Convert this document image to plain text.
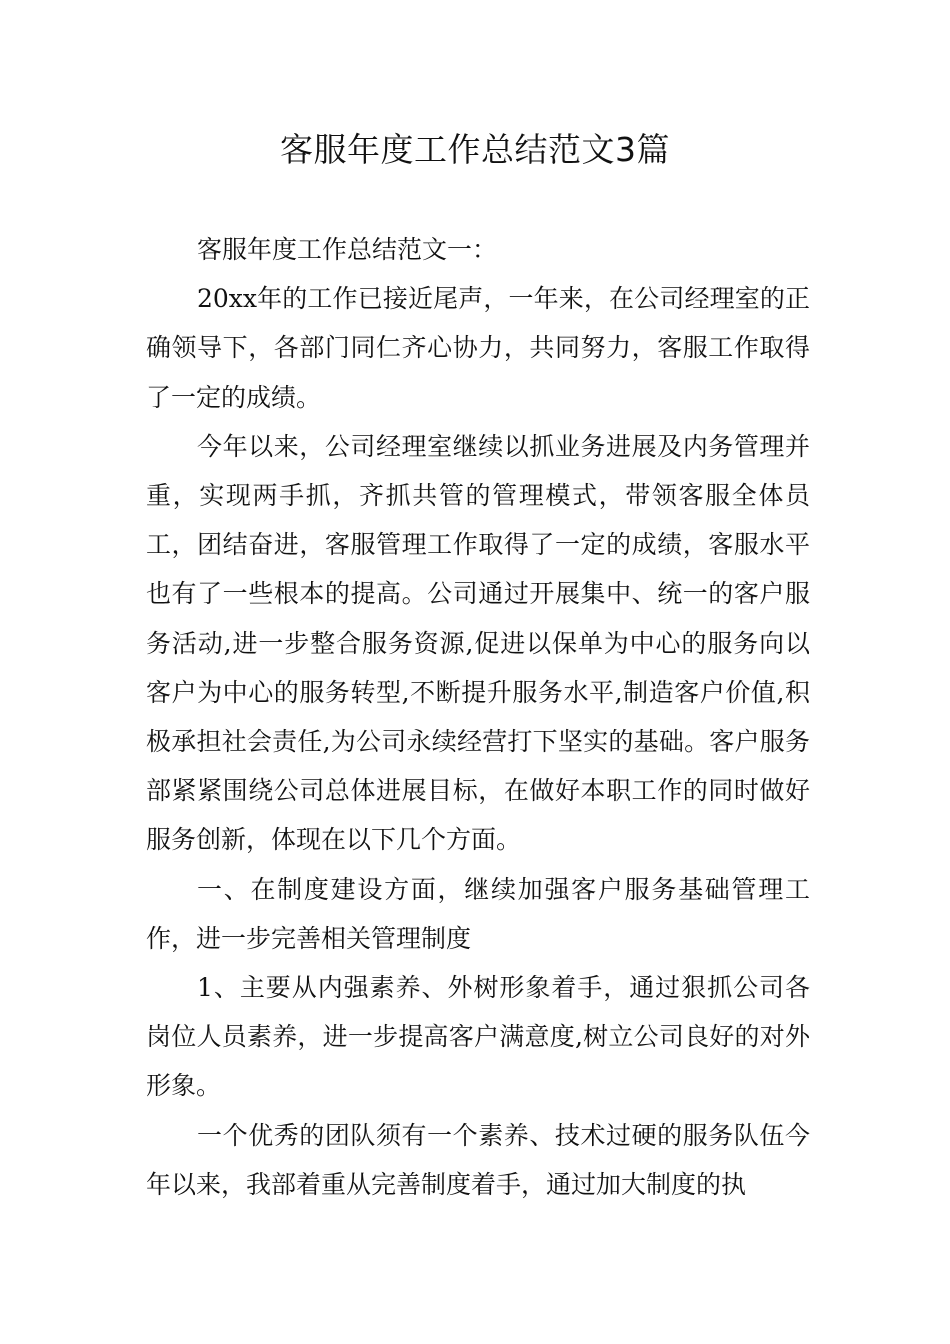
客服年度工作总结范文3篇

客服年度工作总结范文一：

20xx年的工作已接近尾声，一年来，在公司经理室的正确领导下，各部门同仁齐心协力，共同努力，客服工作取得了一定的成绩。

今年以来，公司经理室继续以抓业务进展及内务管理并重，实现两手抓，齐抓共管的管理模式，带领客服全体员工，团结奋进，客服管理工作取得了一定的成绩，客服水平也有了一些根本的提高。公司通过开展集中、统一的客户服务活动,进一步整合服务资源,促进以保单为中心的服务向以客户为中心的服务转型,不断提升服务水平,制造客户价值,积极承担社会责任,为公司永续经营打下坚实的基础。客户服务部紧紧围绕公司总体进展目标，在做好本职工作的同时做好服务创新，体现在以下几个方面。

一、在制度建设方面，继续加强客户服务基础管理工作，进一步完善相关管理制度

1、主要从内强素养、外树形象着手，通过狠抓公司各岗位人员素养，进一步提高客户满意度,树立公司良好的对外形象。

一个优秀的团队须有一个素养、技术过硬的服务队伍今年以来，我部着重从完善制度着手，通过加大制度的执
